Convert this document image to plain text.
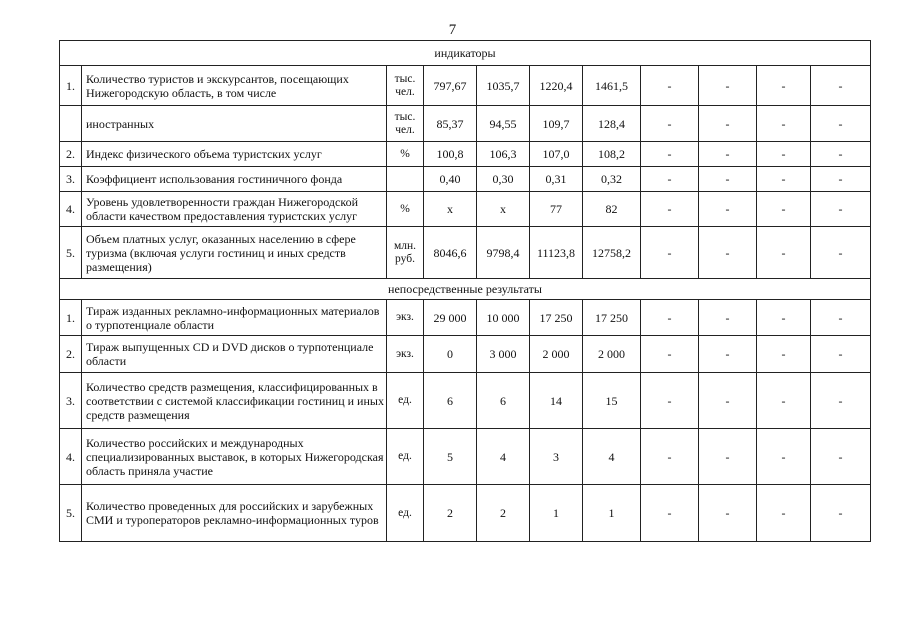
7
индикаторы										
1.	Количество туристов и экскурсантов, посещающих Нижегородскую область, в том числе	тыс. чел.	797,67	1035,7	1220,4	1461,5	-	-	-	-
	иностранных	тыс. чел.	85,37	94,55	109,7	128,4	-	-	-	-
2.	Индекс физического объема туристских услуг	%	100,8	106,3	107,0	108,2	-	-	-	-
3.	Коэффициент использования гостиничного фонда		0,40	0,30	0,31	0,32	-	-	-	-
4.	Уровень удовлетворенности граждан Нижегородской области качеством предоставления туристских услуг	%	x	x	77	82	-	-	-	-
5.	Объем платных услуг, оказанных населению в сфере туризма (включая услуги гостиниц и иных средств размещения)	млн. руб.	8046,6	9798,4	11123,8	12758,2	-	-	-	-
непосредственные результаты										
1.	Тираж изданных рекламно-информационных материалов о турпотенциале области	экз.	29 000	10 000	17 250	17 250	-	-	-	-
2.	Тираж выпущенных CD и DVD дисков о турпотенциале области	экз.	0	3 000	2 000	2 000	-	-	-	-
3.	Количество средств размещения, классифицированных в соответствии с системой классификации гостиниц и иных средств размещения	ед.	6	6	14	15	-	-	-	-
4.	Количество российских и международных специализированных выставок, в которых Нижегородская область приняла участие	ед.	5	4	3	4	-	-	-	-
5.	Количество проведенных для российских и зарубежных СМИ и туроператоров рекламно-информационных туров	ед.	2	2	1	1	-	-	-	-
